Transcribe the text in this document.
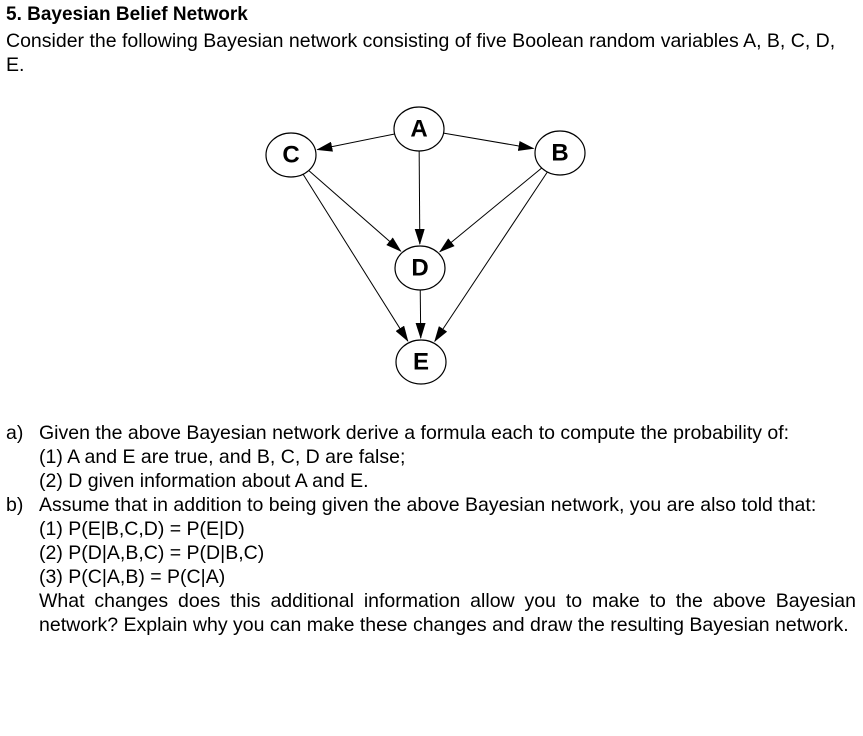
5. Bayesian Belief Network
Consider the following Bayesian network consisting of five Boolean random variables A, B, C, D, E.
A
B
C
D
E
a) Given the above Bayesian network derive a formula each to compute the probability of:
(1) A and E are true, and B, C, D are false;
(2) D given information about A and E.
b) Assume that in addition to being given the above Bayesian network, you are also told that:
(1) P(E|B,C,D) = P(E|D)
(2) P(D|A,B,C) = P(D|B,C)
(3) P(C|A,B) = P(C|A)
What changes does this additional information allow you to make to the above Bayesian network? Explain why you can make these changes and draw the resulting Bayesian network.
